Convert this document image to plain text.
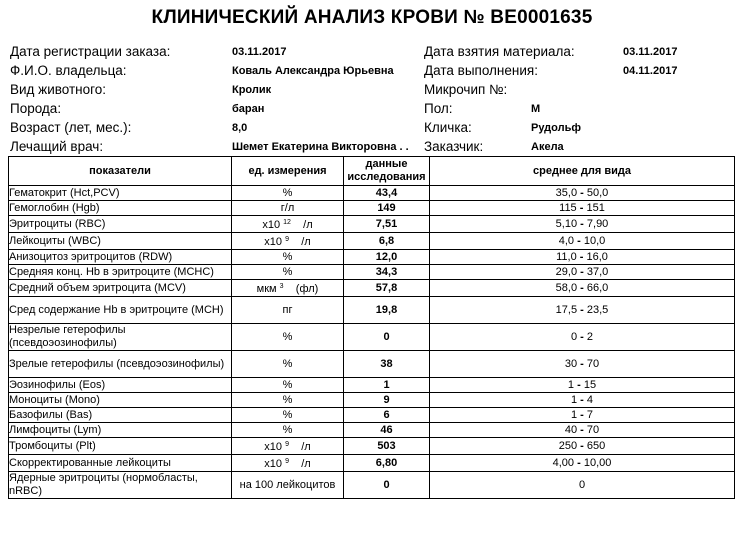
КЛИНИЧЕСКИЙ АНАЛИЗ КРОВИ № ВЕ0001635
Дата регистрации заказа:	03.11.2017
Ф.И.О. владельца:	Коваль Александра Юрьевна
Вид животного:	Кролик
Порода:	баран
Возраст (лет, мес.):	8,0
Лечащий врач:	Шемет Екатерина Викторовна . .
Дата взятия материала:	03.11.2017
Дата выполнения:	04.11.2017
Микрочип №:
Пол:	М
Кличка:	Рудольф
Заказчик:	Акела
показатели	ед. измерения	данные исследования	среднее для вида
Гематокрит (Hct,PCV)	%	43,4	35,0 - 50,0
Гемоглобин (Hgb)	г/л	149	115 - 151
Эритроциты (RBC)	x10 $^{12}$ /л	7,51	5,10 - 7,90
Лейкоциты (WBC)	x10 $^9$ /л	6,8	4,0 - 10,0
Анизоцитоз эритроцитов (RDW)	%	12,0	11,0 - 16,0
Средняя конц. Hb в эритроците (MCHC)	%	34,3	29,0 - 37,0
Средний объем эритроцита (MCV)	мкм $^3$ (фл)	57,8	58,0 - 66,0
Сред содержание Hb в эритроците (MCH)	пг	19,8	17,5 - 23,5
Незрелые гетерофилы (псевдоэозинофилы)	%	0	0 - 2
Зрелые гетерофилы (псевдоэозинофилы)	%	38	30 - 70
Эозинофилы (Eos)	%	1	1 - 15
Моноциты (Mono)	%	9	1 - 4
Базофилы (Bas)	%	6	1 - 7
Лимфоциты (Lym)	%	46	40 - 70
Тромбоциты (Plt)	x10 $^9$ /л	503	250 - 650
Скорректированные лейкоциты	x10 $^9$ /л	6,80	4,00 - 10,00
Ядерные эритроциты (нормобласты, nRBC)	на 100 лейкоцитов	0	0
